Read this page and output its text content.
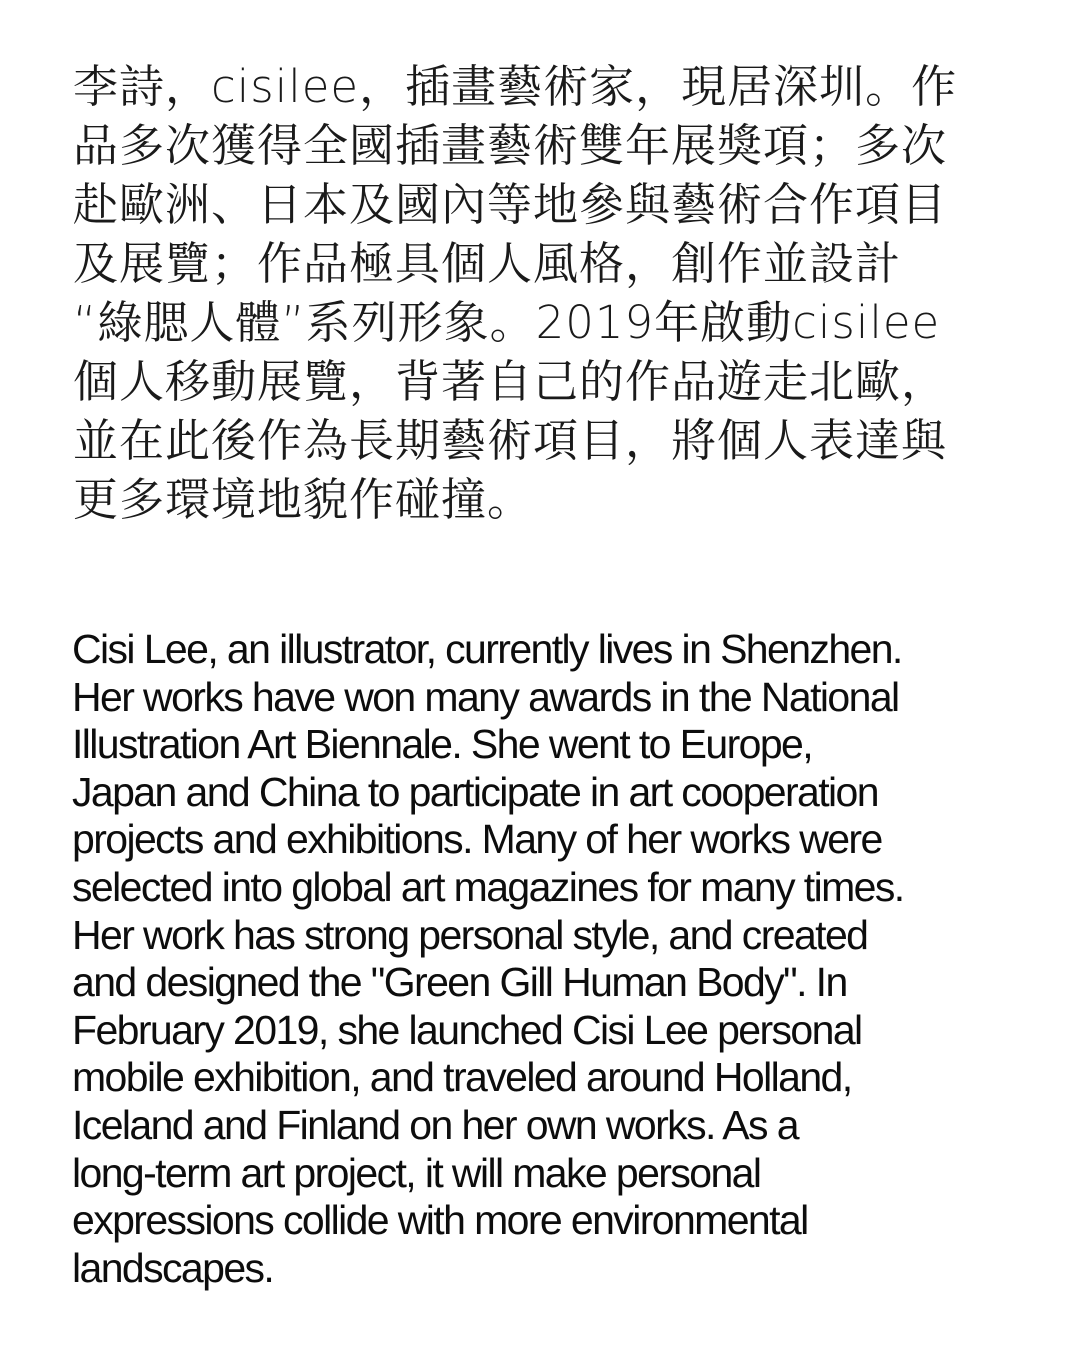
李詩，cisilee，插畫藝術家，現居深圳。作
品多次獲得全國插畫藝術雙年展獎項；多次
赴歐洲、日本及國內等地參與藝術合作項目
及展覽；作品極具個人風格，創作並設計
“綠腮人體”系列形象。2019年啟動cisilee
個人移動展覽，背著自己的作品遊走北歐，
並在此後作為長期藝術項目，將個人表達與
更多環境地貌作碰撞。
Cisi Lee, an illustrator, currently lives in Shenzhen.
Her works have won many awards in the National
Illustration Art Biennale. She went to Europe,
Japan and China to participate in art cooperation
projects and exhibitions. Many of her works were
selected into global art magazines for many times.
Her work has strong personal style, and created
and designed the "Green Gill Human Body". In
February 2019, she launched Cisi Lee personal
mobile exhibition, and traveled around Holland,
Iceland and Finland on her own works. As a
long-term art project, it will make personal
expressions collide with more environmental
landscapes.
